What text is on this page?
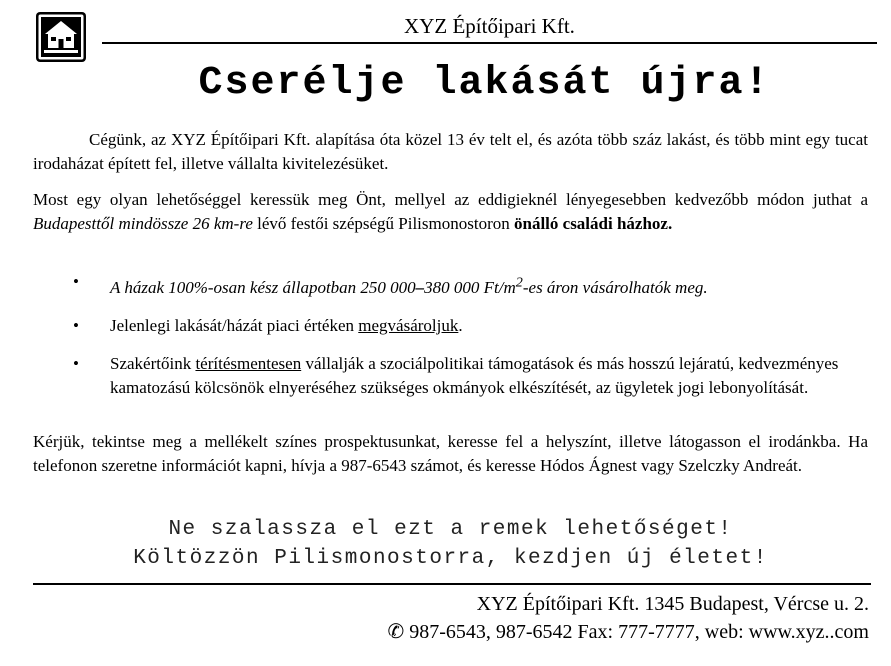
XYZ Építőipari Kft.
Cserélje lakását újra!
Cégünk, az XYZ Építőipari Kft. alapítása óta közel 13 év telt el, és azóta több száz lakást, és több mint egy tucat irodaházat épített fel, illetve vállalta kivitelezésüket.
Most egy olyan lehetőséggel keressük meg Önt, mellyel az eddigieknél lényegesebben kedvezőbb módon juthat a Budapesttől mindössze 26 km-re lévő festői szépségű Pilismonostoron önálló családi házhoz.
• A házak 100%-osan kész állapotban 250 000–380 000 $Ft/m^2-es$ áron vásárolhatók meg.
• Jelenlegi lakását/házát piaci értéken megvásároljuk.
• Szakértőink térítésmentesen vállalják a szociálpolitikai támogatások és más hosszú lejáratú, kedvezményes kamatozású kölcsönök elnyeréséhez szükséges okmányok elkészítését, az ügyletek jogi lebonyolítását.
Kérjük, tekintse meg a mellékelt színes prospektusunkat, keresse fel a helyszínt, illetve látogasson el irodánkba. Ha telefonon szeretne információt kapni, hívja a 987-6543 számot, és keresse Hódos Ágnest vagy Szelczky Andreát.
Ne szalassza el ezt a remek lehetőséget!
Költözzön Pilismonostorra, kezdjen új életet!
XYZ Építőipari Kft. 1345 Budapest, Vércse u. 2.
✆ 987-6543, 987-6542 Fax: 777-7777, web: www.xyz..com
